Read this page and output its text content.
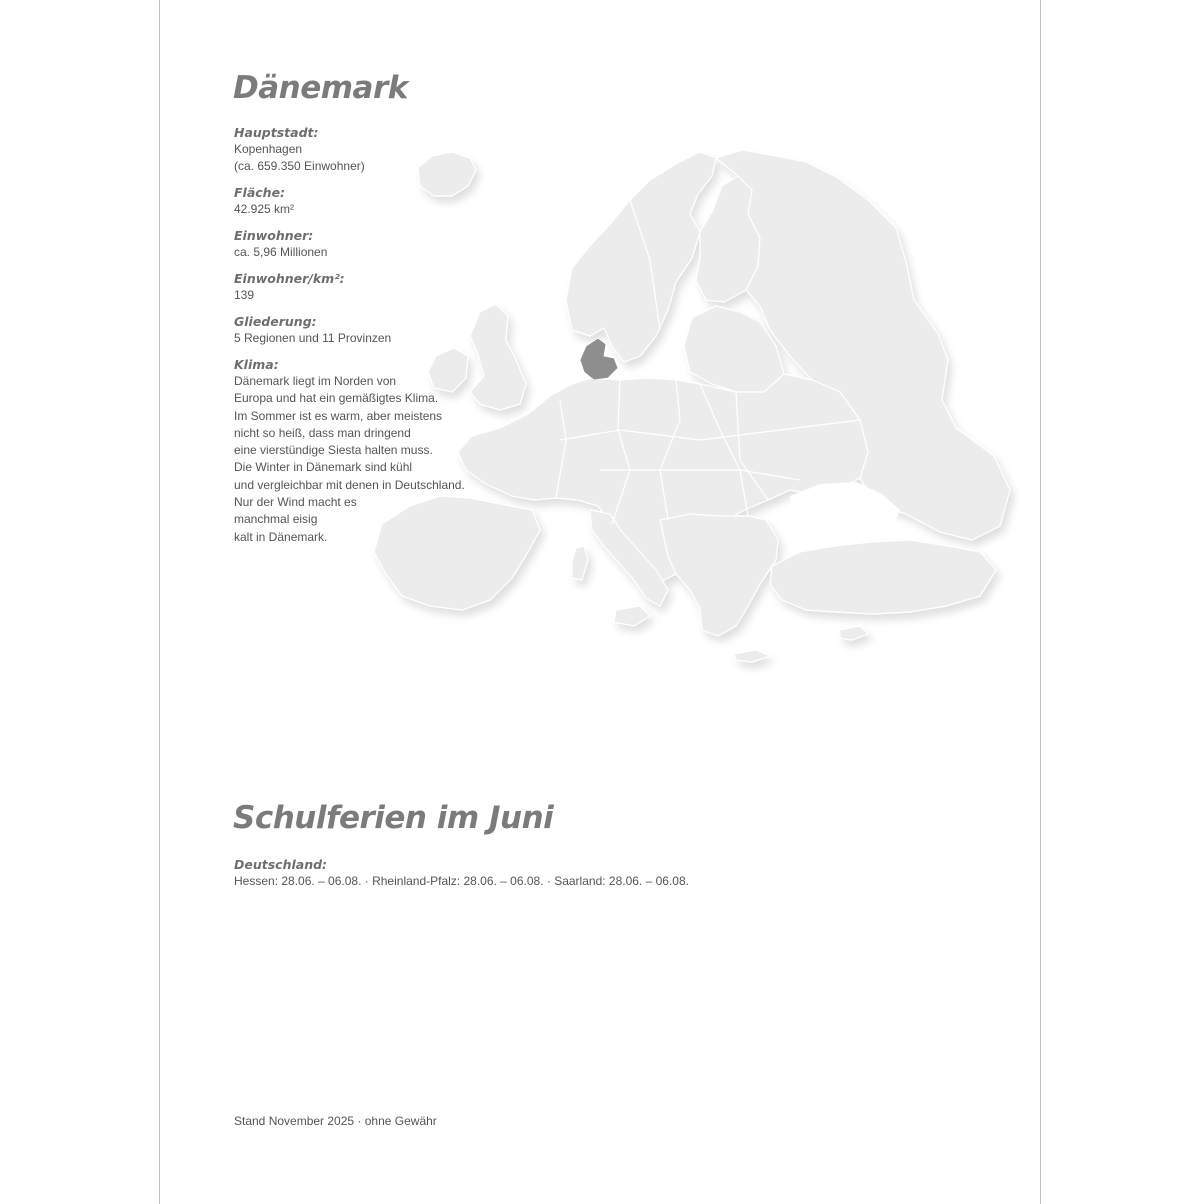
Dänemark
Hauptstadt:
Kopenhagen
(ca. 659.350 Einwohner)
Fläche:
42.925 km²
Einwohner:
ca. 5,96 Millionen
Einwohner/km²:
139
Gliederung:
5 Regionen und 11 Provinzen
Klima:
Dänemark liegt im Norden von
Europa und hat ein gemäßigtes Klima.
Im Sommer ist es warm, aber meistens
nicht so heiß, dass man dringend
eine vierstündige Siesta halten muss.
Die Winter in Dänemark sind kühl
und vergleichbar mit denen in Deutschland.
Nur der Wind macht es
manchmal eisig
kalt in Dänemark.
Schulferien im Juni
Deutschland:
Hessen: 28.06. – 06.08. · Rheinland-Pfalz: 28.06. – 06.08. · Saarland: 28.06. – 06.08.
Stand November 2025 · ohne Gewähr
